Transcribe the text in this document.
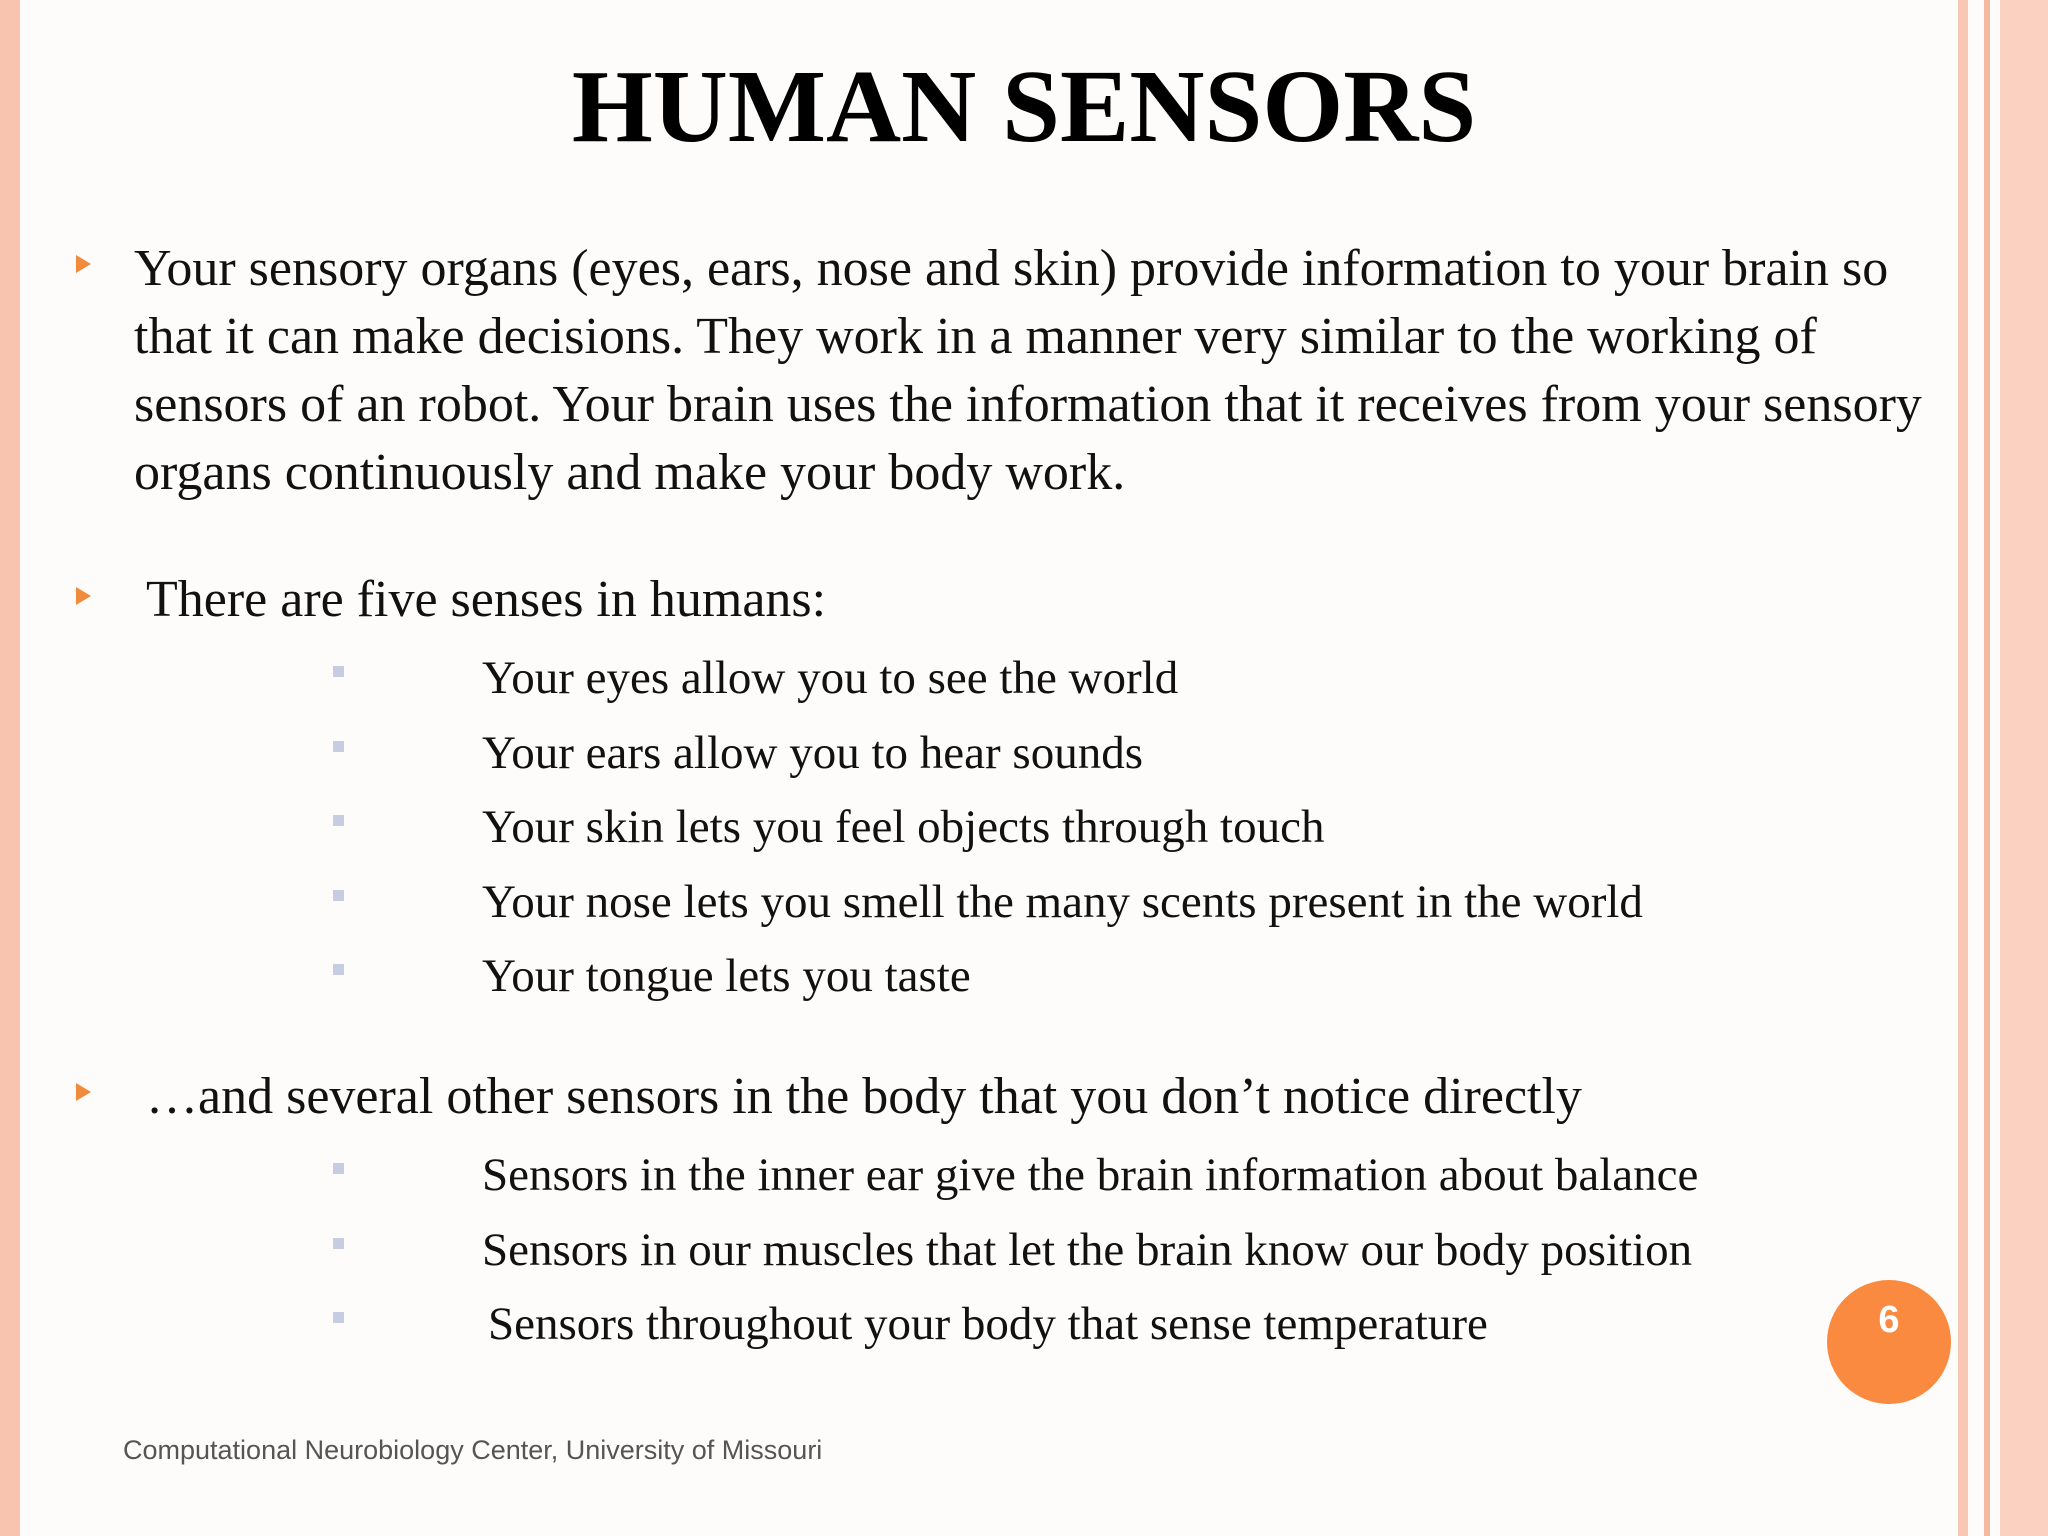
HUMAN SENSORS
Your sensory organs (eyes, ears, nose and skin) provide information to your brain so that it can make decisions. They work in a manner very similar to the working of sensors of an robot. Your brain uses the information that it receives from your sensory organs continuously and make your body work.
There are five senses in humans:
Your eyes allow you to see the world
Your ears allow you to hear sounds
Your skin lets you feel objects through touch
Your nose lets you smell the many scents present in the world
Your tongue lets you taste
…and several other sensors in the body that you don’t notice directly
Sensors in the inner ear give the brain information about balance
Sensors in our muscles that let the brain know our body position
Sensors throughout your body that sense temperature	6
Computational Neurobiology Center, University of Missouri
